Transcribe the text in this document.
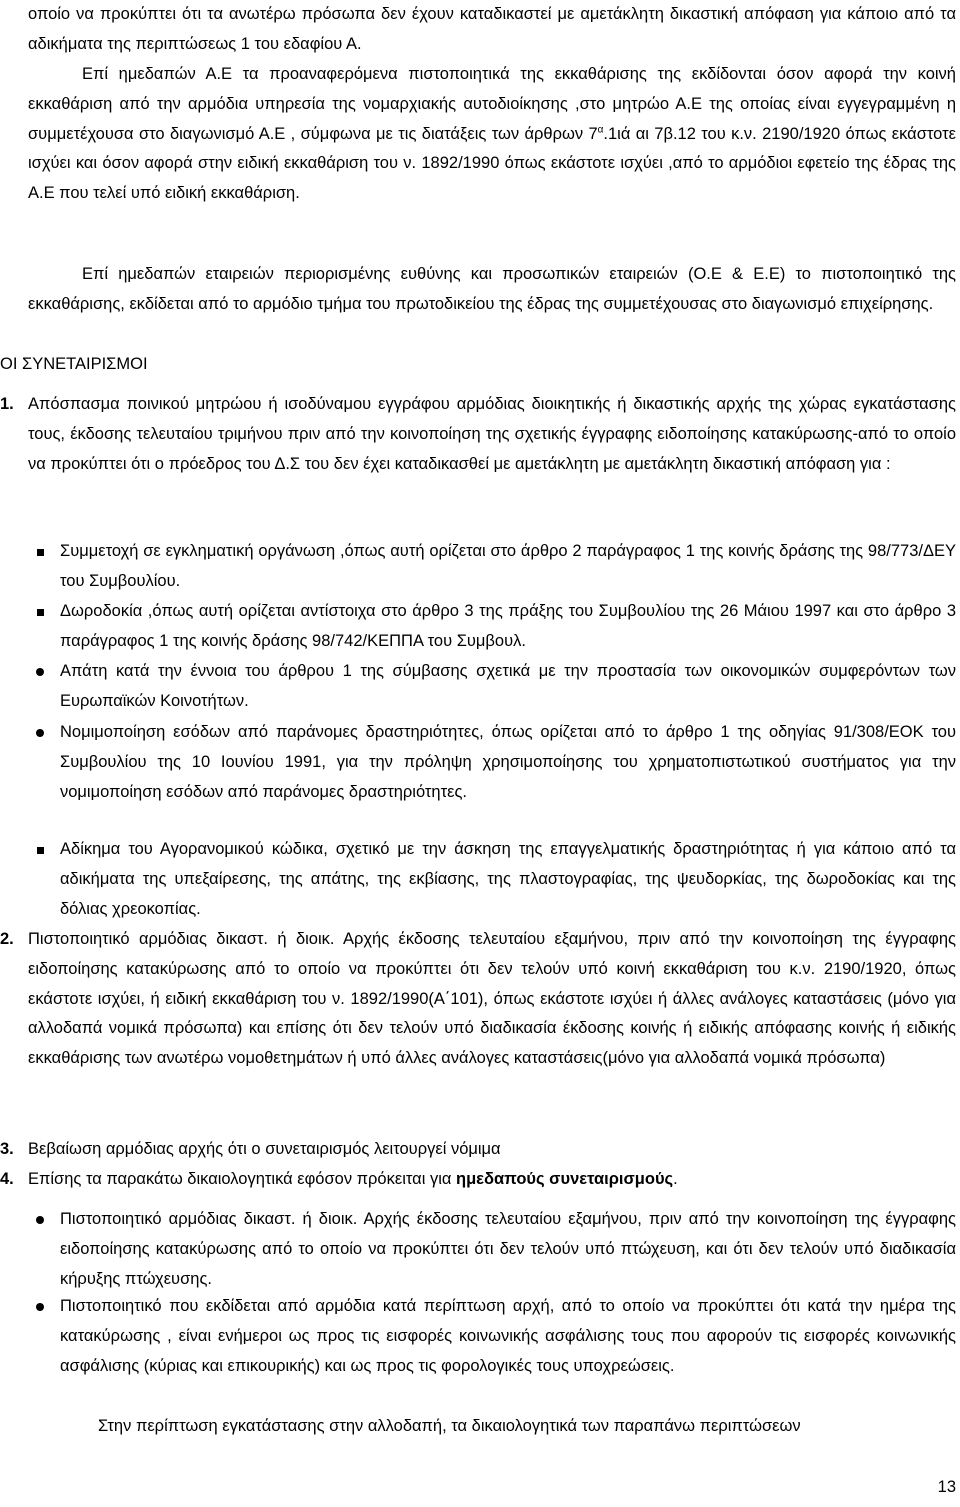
οποίο να προκύπτει ότι τα ανωτέρω πρόσωπα δεν έχουν καταδικαστεί με αμετάκλητη δικαστική απόφαση για κάποιο από τα αδικήματα της περιπτώσεως 1 του εδαφίου Α.

Επί ημεδαπών Α.Ε τα προαναφερόμενα πιστοποιητικά της εκκαθάρισης της εκδίδονται όσον αφορά την κοινή εκκαθάριση από την αρμόδια υπηρεσία της νομαρχιακής αυτοδιοίκησης ,στο μητρώο Α.Ε της οποίας είναι εγγεγραμμένη η συμμετέχουσα στο διαγωνισμό Α.Ε , σύμφωνα με τις διατάξεις των άρθρων $7^\alpha.1\iota ά$ αι 7β.12 του κ.ν. 2190/1920 όπως εκάστοτε ισχύει και όσον αφορά στην ειδική εκκαθάριση του ν. 1892/1990 όπως εκάστοτε ισχύει ,από το αρμόδιοι εφετείο της έδρας της Α.Ε που τελεί υπό ειδική εκκαθάριση.

Επί ημεδαπών εταιρειών περιορισμένης ευθύνης και προσωπικών εταιρειών (Ο.Ε & Ε.Ε) το πιστοποιητικό της εκκαθάρισης, εκδίδεται από το αρμόδιο τμήμα του πρωτοδικείου της έδρας της συμμετέχουσας στο διαγωνισμό επιχείρησης.

ΟΙ ΣΥΝΕΤΑΙΡΙΣΜΟΙ
1. Απόσπασμα ποινικού μητρώου ή ισοδύναμου εγγράφου αρμόδιας διοικητικής ή δικαστικής αρχής της χώρας εγκατάστασης τους, έκδοσης τελευταίου τριμήνου πριν από την κοινοποίηση της σχετικής έγγραφης ειδοποίησης κατακύρωσης-από το οποίο να προκύπτει ότι ο πρόεδρος του Δ.Σ του δεν έχει καταδικασθεί με αμετάκλητη με αμετάκλητη δικαστική απόφαση για :

Συμμετοχή σε εγκληματική οργάνωση ,όπως αυτή ορίζεται στο άρθρο 2 παράγραφος 1 της κοινής δράσης της 98/773/ΔΕΥ του Συμβουλίου.

Δωροδοκία ,όπως αυτή ορίζεται αντίστοιχα στο άρθρο 3 της πράξης του Συμβουλίου της 26 Μάιου 1997 και στο άρθρο 3 παράγραφος 1 της κοινής δράσης 98/742/ΚΕΠΠΑ του Συμβουλ.

Απάτη κατά την έννοια του άρθρου 1 της σύμβασης σχετικά με την προστασία των οικονομικών συμφερόντων των Ευρωπαϊκών Κοινοτήτων.

Νομιμοποίηση εσόδων από παράνομες δραστηριότητες, όπως ορίζεται από το άρθρο 1 της οδηγίας 91/308/ΕΟΚ του Συμβουλίου της 10 Ιουνίου 1991, για την πρόληψη χρησιμοποίησης του χρηματοπιστωτικού συστήματος για την νομιμοποίηση εσόδων από παράνομες δραστηριότητες.

Αδίκημα του Αγορανομικού κώδικα, σχετικό με την άσκηση της επαγγελματικής δραστηριότητας ή για κάποιο από τα αδικήματα της υπεξαίρεσης, της απάτης, της εκβίασης, της πλαστογραφίας, της ψευδορκίας, της δωροδοκίας και της δόλιας χρεοκοπίας.

2. Πιστοποιητικό αρμόδιας δικαστ. ή διοικ. Αρχής έκδοσης τελευταίου εξαμήνου, πριν από την κοινοποίηση της έγγραφης ειδοποίησης κατακύρωσης από το οποίο να προκύπτει ότι δεν τελούν υπό κοινή εκκαθάριση του κ.ν. 2190/1920, όπως εκάστοτε ισχύει, ή ειδική εκκαθάριση του ν. 1892/1990(Α΄101), όπως εκάστοτε ισχύει ή άλλες ανάλογες καταστάσεις (μόνο για αλλοδαπά νομικά πρόσωπα) και επίσης ότι δεν τελούν υπό διαδικασία έκδοσης κοινής ή ειδικής απόφασης κοινής ή ειδικής εκκαθάρισης των ανωτέρω νομοθετημάτων ή υπό άλλες ανάλογες καταστάσεις(μόνο για αλλοδαπά νομικά πρόσωπα)

3. Βεβαίωση αρμόδιας αρχής ότι ο συνεταιρισμός λειτουργεί νόμιμα

4. Επίσης τα παρακάτω δικαιολογητικά εφόσον πρόκειται για ημεδαπούς συνεταιρισμούς.

Πιστοποιητικό αρμόδιας δικαστ. ή διοικ. Αρχής έκδοσης τελευταίου εξαμήνου, πριν από την κοινοποίηση της έγγραφης ειδοποίησης κατακύρωσης από το οποίο να προκύπτει ότι δεν τελούν υπό πτώχευση, και ότι δεν τελούν υπό διαδικασία κήρυξης πτώχευσης.

Πιστοποιητικό που εκδίδεται από αρμόδια κατά περίπτωση αρχή, από το οποίο να προκύπτει ότι κατά την ημέρα της κατακύρωσης , είναι ενήμεροι ως προς τις εισφορές κοινωνικής ασφάλισης τους που αφορούν τις εισφορές κοινωνικής ασφάλισης (κύριας και επικουρικής) και ως προς τις φορολογικές τους υποχρεώσεις.

Στην περίπτωση εγκατάστασης στην αλλοδαπή, τα δικαιολογητικά των παραπάνω περιπτώσεων

13
